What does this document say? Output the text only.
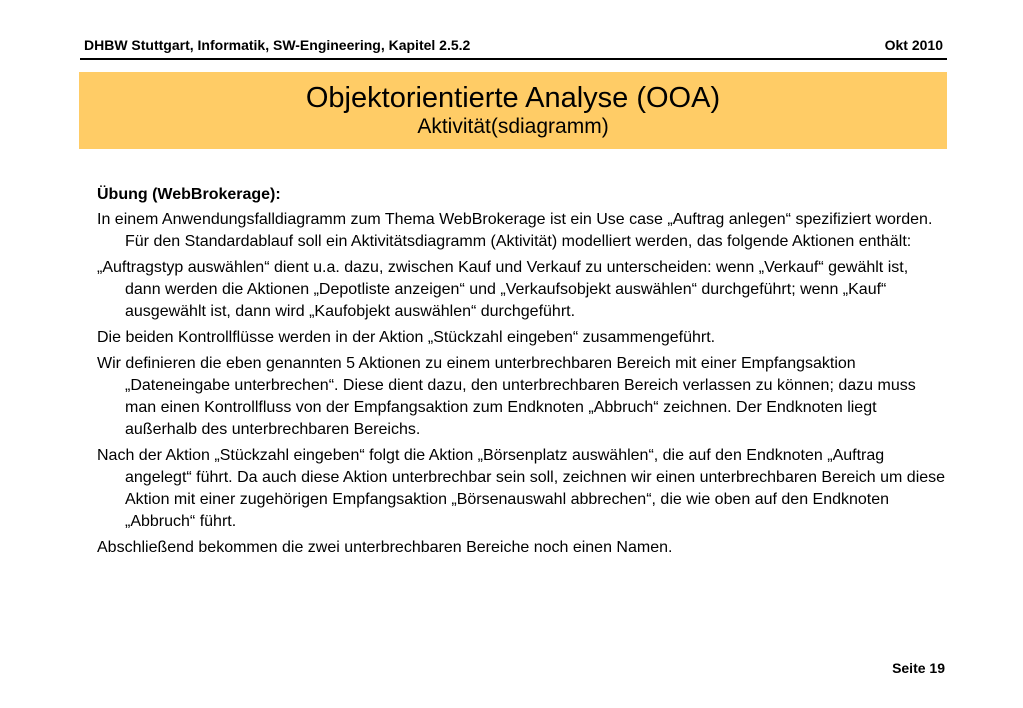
DHBW Stuttgart, Informatik, SW-Engineering, Kapitel 2.5.2	Okt 2010
Objektorientierte Analyse (OOA)
Aktivität(sdiagramm)
Übung (WebBrokerage):
In einem Anwendungsfalldiagramm zum Thema WebBrokerage ist ein Use case „Auftrag anlegen“ spezifiziert worden. Für den Standardablauf soll ein Aktivitätsdiagramm (Aktivität) modelliert werden, das folgende Aktionen enthält:
„Auftragstyp auswählen“ dient u.a. dazu, zwischen Kauf und Verkauf zu unterscheiden: wenn „Verkauf“ gewählt ist, dann werden die Aktionen „Depotliste anzeigen“ und „Verkaufsobjekt auswählen“ durchgeführt; wenn „Kauf“ ausgewählt ist, dann wird „Kaufobjekt auswählen“ durchgeführt.
Die beiden Kontrollflüsse werden in der Aktion „Stückzahl eingeben“ zusammengeführt.
Wir definieren die eben genannten 5 Aktionen zu einem unterbrechbaren Bereich mit einer Empfangsaktion „Dateneingabe unterbrechen“. Diese dient dazu, den unterbrechbaren Bereich verlassen zu können; dazu muss man einen Kontrollfluss von der Empfangsaktion zum Endknoten „Abbruch“ zeichnen. Der Endknoten liegt außerhalb des unterbrechbaren Bereichs.
Nach der Aktion „Stückzahl eingeben“ folgt die Aktion „Börsenplatz auswählen“, die auf den Endknoten „Auftrag angelegt“ führt. Da auch diese Aktion unterbrechbar sein soll, zeichnen wir einen unterbrechbaren Bereich um diese Aktion mit einer zugehörigen Empfangsaktion „Börsenauswahl abbrechen“, die wie oben auf den Endknoten „Abbruch“ führt.
Abschließend bekommen die zwei unterbrechbaren Bereiche noch einen Namen.
Seite 19
